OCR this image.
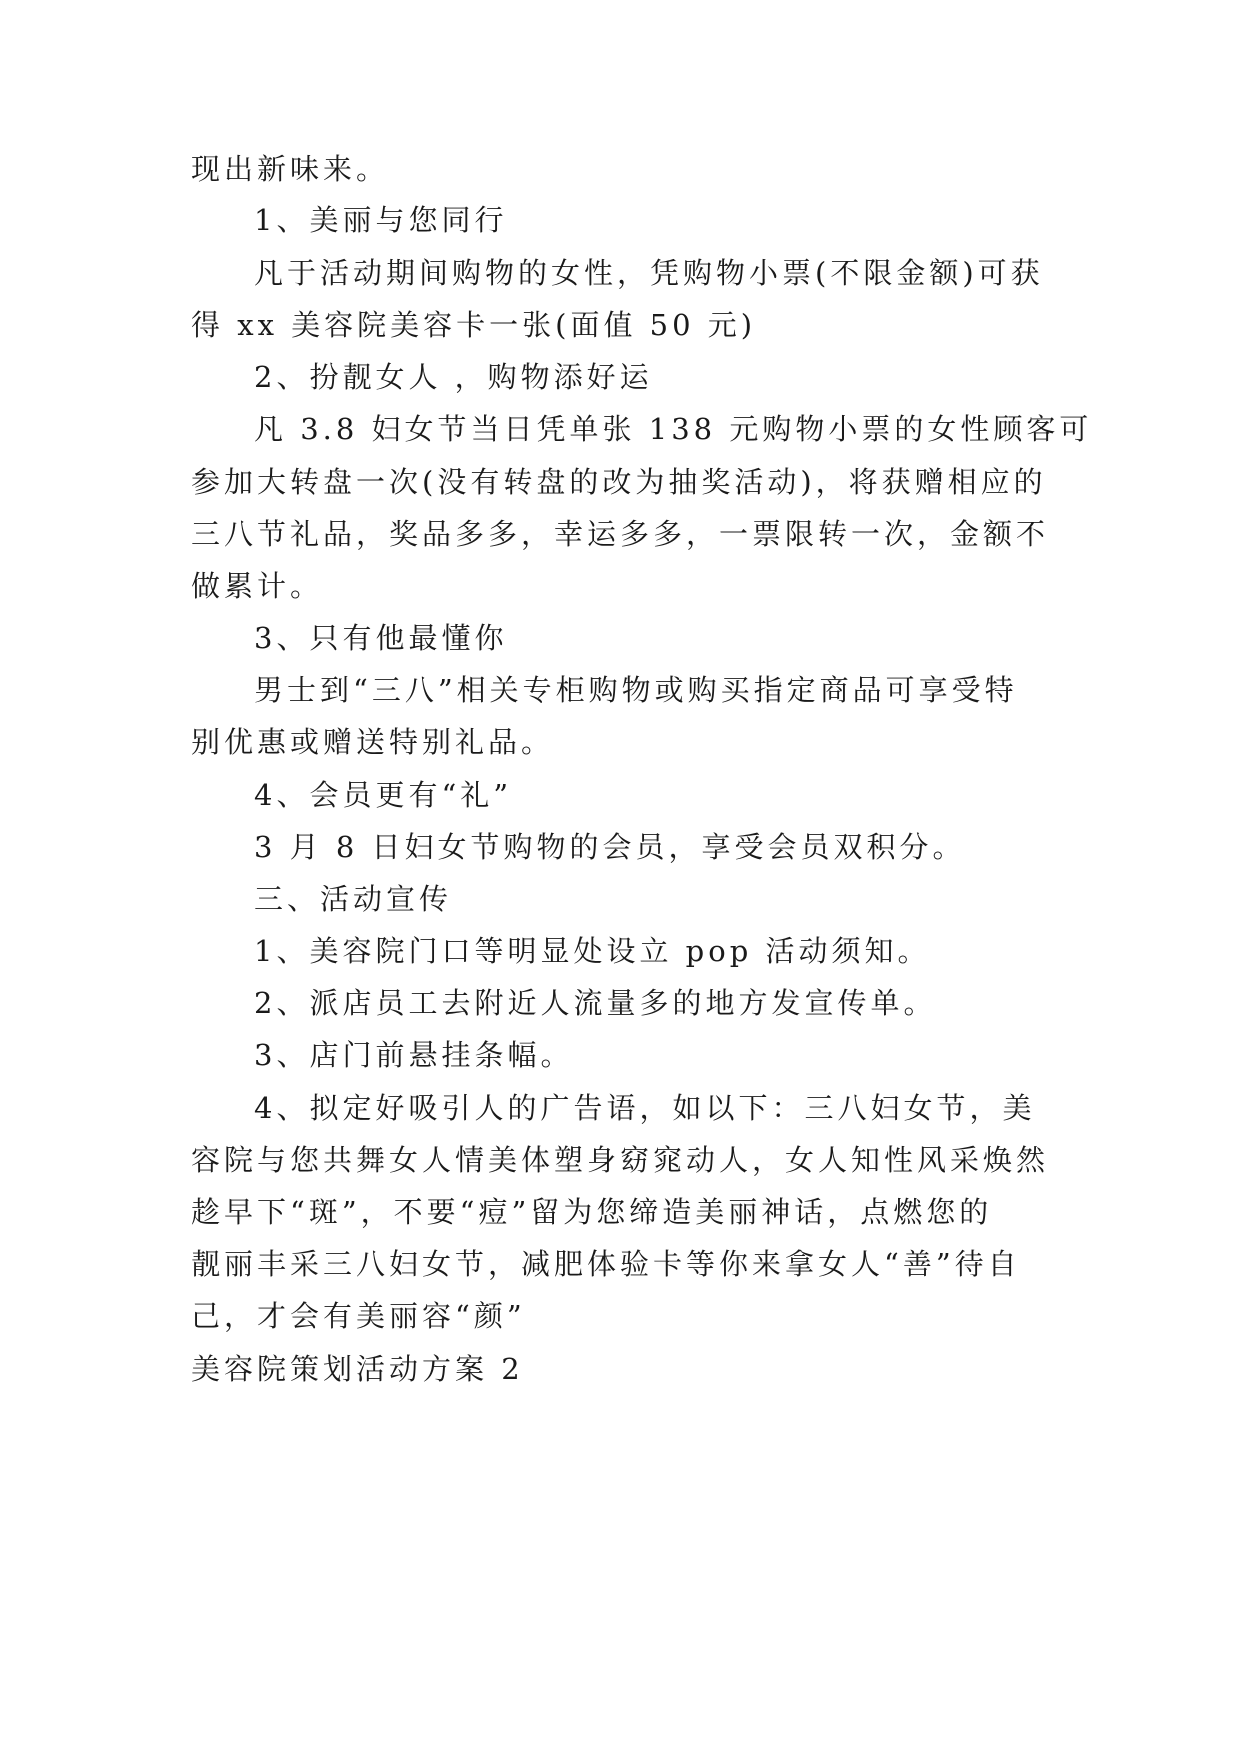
现出新味来。
1、美丽与您同行
凡于活动期间购物的女性，凭购物小票(不限金额)可获
得 xx 美容院美容卡一张(面值 50 元)
2、扮靓女人 ，购物添好运
凡 3.8 妇女节当日凭单张 138 元购物小票的女性顾客可
参加大转盘一次(没有转盘的改为抽奖活动)，将获赠相应的
三八节礼品，奖品多多，幸运多多，一票限转一次，金额不
做累计。
3、只有他最懂你
男士到“三八”相关专柜购物或购买指定商品可享受特
别优惠或赠送特别礼品。
4、会员更有“礼”
3 月 8 日妇女节购物的会员，享受会员双积分。
三、活动宣传
1、美容院门口等明显处设立 pop 活动须知。
2、派店员工去附近人流量多的地方发宣传单。
3、店门前悬挂条幅。
4、拟定好吸引人的广告语，如以下：三八妇女节，美
容院与您共舞女人情美体塑身窈窕动人，女人知性风采焕然
趁早下“斑”，不要“痘”留为您缔造美丽神话，点燃您的
靓丽丰采三八妇女节，减肥体验卡等你来拿女人“善”待自
己，才会有美丽容“颜”
美容院策划活动方案 2
